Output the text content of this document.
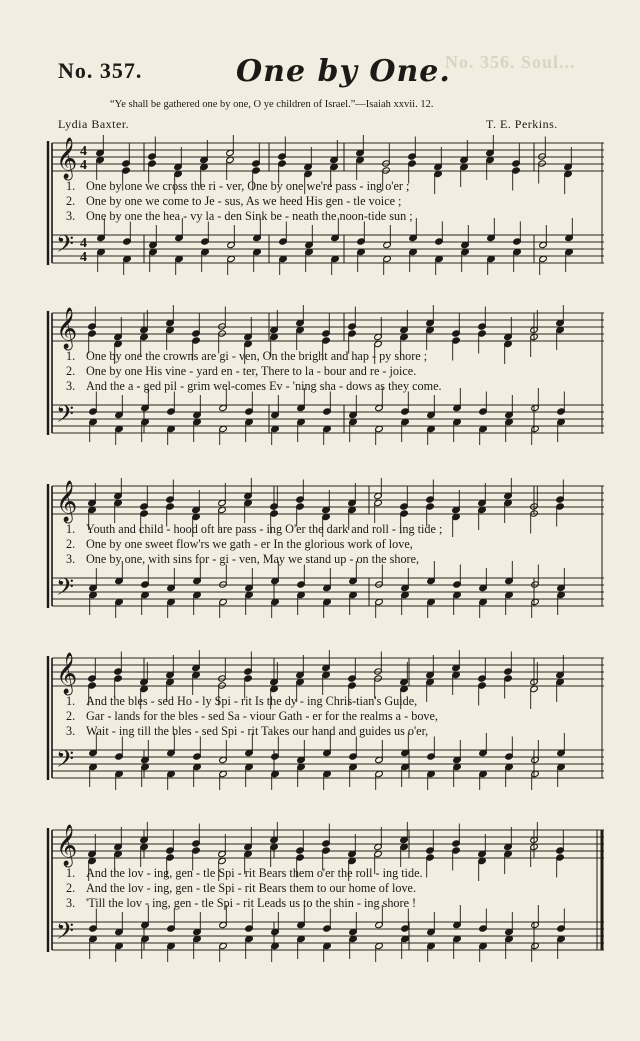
No. 356. Soul...
No. 357.	One by One.
“Ye shall be gathered one by one, O ye children of Israel.”—Isaiah xxvii. 12.
Lydia Baxter.	T. E. Perkins.
𝄞
𝄢
4
4
4
4
1. One by one we cross the ri - ver, One by one we're pass - ing o'er ;
2. One by one we come to Je - sus, As we heed His gen - tle voice ;
3. One by one the hea - vy la - den Sink be - neath the noon-tide sun ;
𝄞
𝄢
1. One by one the crowns are gi - ven, On the bright and hap - py shore ;
2. One by one His vine - yard en - ter, There to la - bour and re - joice.
3. And the a - ged pil - grim wel-comes Ev - 'ning sha - dows as they come.
𝄞
𝄢
1. Youth and child - hood oft are pass - ing O'er the dark and roll - ing tide ;
2. One by one sweet flow'rs we gath - er In the glorious work of love,
3. One by one, with sins for - gi - ven, May we stand up - on the shore,
𝄞
𝄢
1. And the bles - sed Ho - ly Spi - rit Is the dy - ing Chris-tian's Guide,
2. Gar - lands for the bles - sed Sa - viour Gath - er for the realms a - bove,
3. Wait - ing till the bles - sed Spi - rit Takes our hand and guides us o'er,
𝄞
𝄢
1. And the lov - ing, gen - tle Spi - rit Bears them o'er the roll - ing tide.
2. And the lov - ing, gen - tle Spi - rit Bears them to our home of love.
3. 'Till the lov - ing, gen - tle Spi - rit Leads us to the shin - ing shore !
